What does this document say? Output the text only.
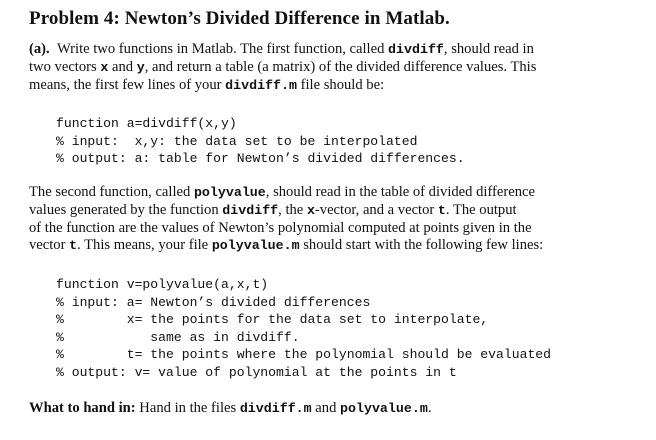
Problem 4: Newton’s Divided Difference in Matlab.
(a). Write two functions in Matlab. The first function, called divdiff, should read in
two vectors x and y, and return a table (a matrix) of the divided difference values. This
means, the first few lines of your divdiff.m file should be:
function a=divdiff(x,y)
% input:  x,y: the data set to be interpolated
% output: a: table for Newton’s divided differences.
The second function, called polyvalue, should read in the table of divided difference
values generated by the function divdiff, the x-vector, and a vector t. The output
of the function are the values of Newton’s polynomial computed at points given in the
vector t. This means, your file polyvalue.m should start with the following few lines:
function v=polyvalue(a,x,t)
% input: a= Newton’s divided differences
%        x= the points for the data set to interpolate,
%           same as in divdiff.
%        t= the points where the polynomial should be evaluated
% output: v= value of polynomial at the points in t
What to hand in: Hand in the files divdiff.m and polyvalue.m.
